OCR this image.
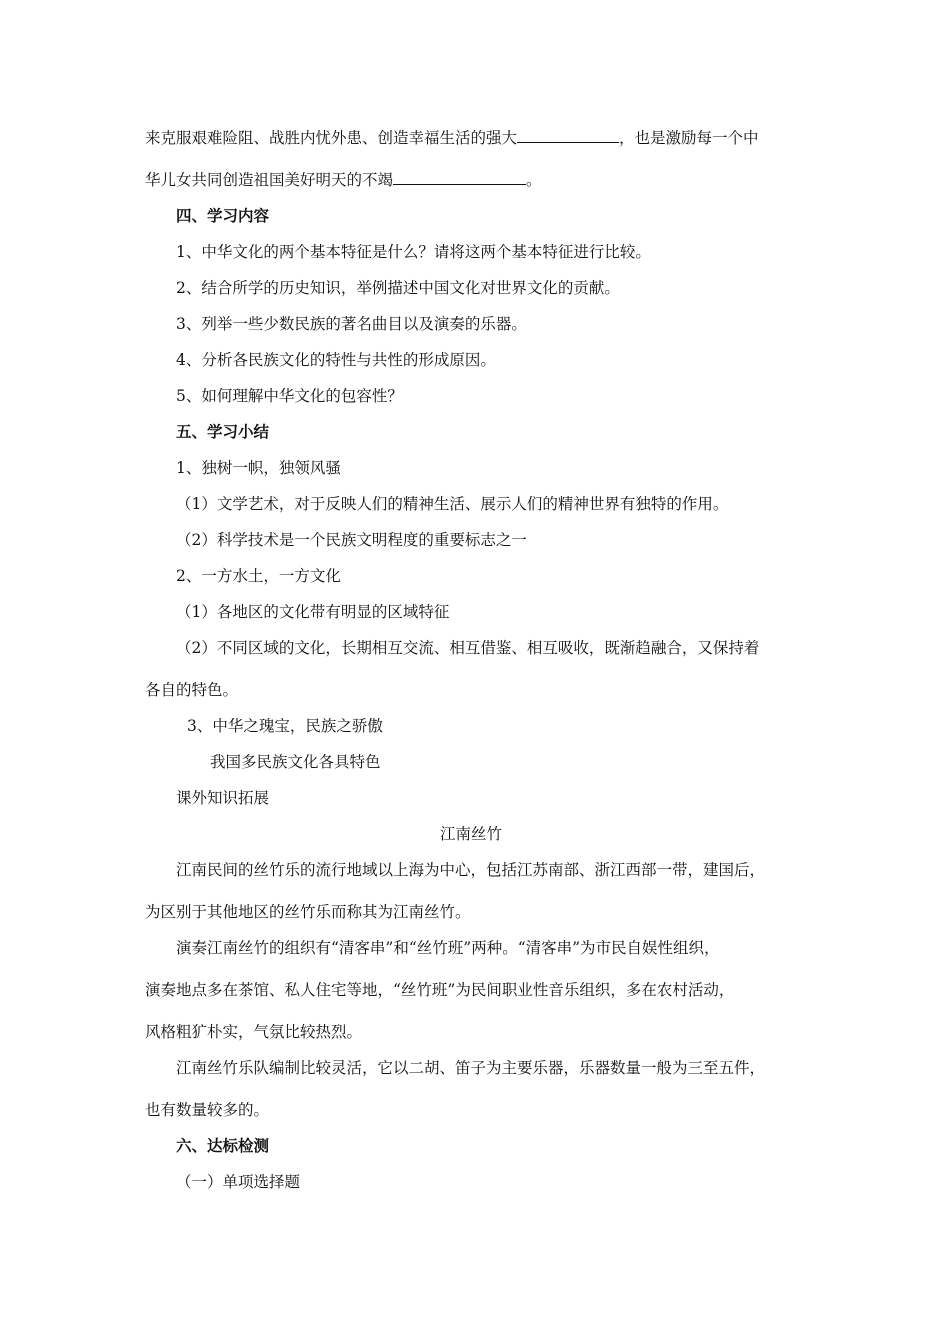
来克服艰难险阻、战胜内忧外患、创造幸福生活的强大	，也是激励每一个中
华儿女共同创造祖国美好明天的不竭	。
四、学习内容
1、中华文化的两个基本特征是什么？请将这两个基本特征进行比较。
2、结合所学的历史知识，举例描述中国文化对世界文化的贡献。
3、列举一些少数民族的著名曲目以及演奏的乐器。
4、分析各民族文化的特性与共性的形成原因。
5、如何理解中华文化的包容性？
五、学习小结
1、独树一帜，独领风骚
（1）文学艺术，对于反映人们的精神生活、展示人们的精神世界有独特的作用。
（2）科学技术是一个民族文明程度的重要标志之一
2、一方水土，一方文化
（1）各地区的文化带有明显的区域特征
（2）不同区域的文化，长期相互交流、相互借鉴、相互吸收，既渐趋融合，又保持着
各自的特色。
3、中华之瑰宝，民族之骄傲
我国多民族文化各具特色
课外知识拓展
江南丝竹
江南民间的丝竹乐的流行地域以上海为中心，包括江苏南部、浙江西部一带，建国后，
为区别于其他地区的丝竹乐而称其为江南丝竹。
演奏江南丝竹的组织有“清客串”和“丝竹班”两种。“清客串”为市民自娱性组织，
演奏地点多在茶馆、私人住宅等地，“丝竹班”为民间职业性音乐组织，多在农村活动，
风格粗犷朴实，气氛比较热烈。
江南丝竹乐队编制比较灵活，它以二胡、笛子为主要乐器，乐器数量一般为三至五件，
也有数量较多的。
六、达标检测
（一）单项选择题
